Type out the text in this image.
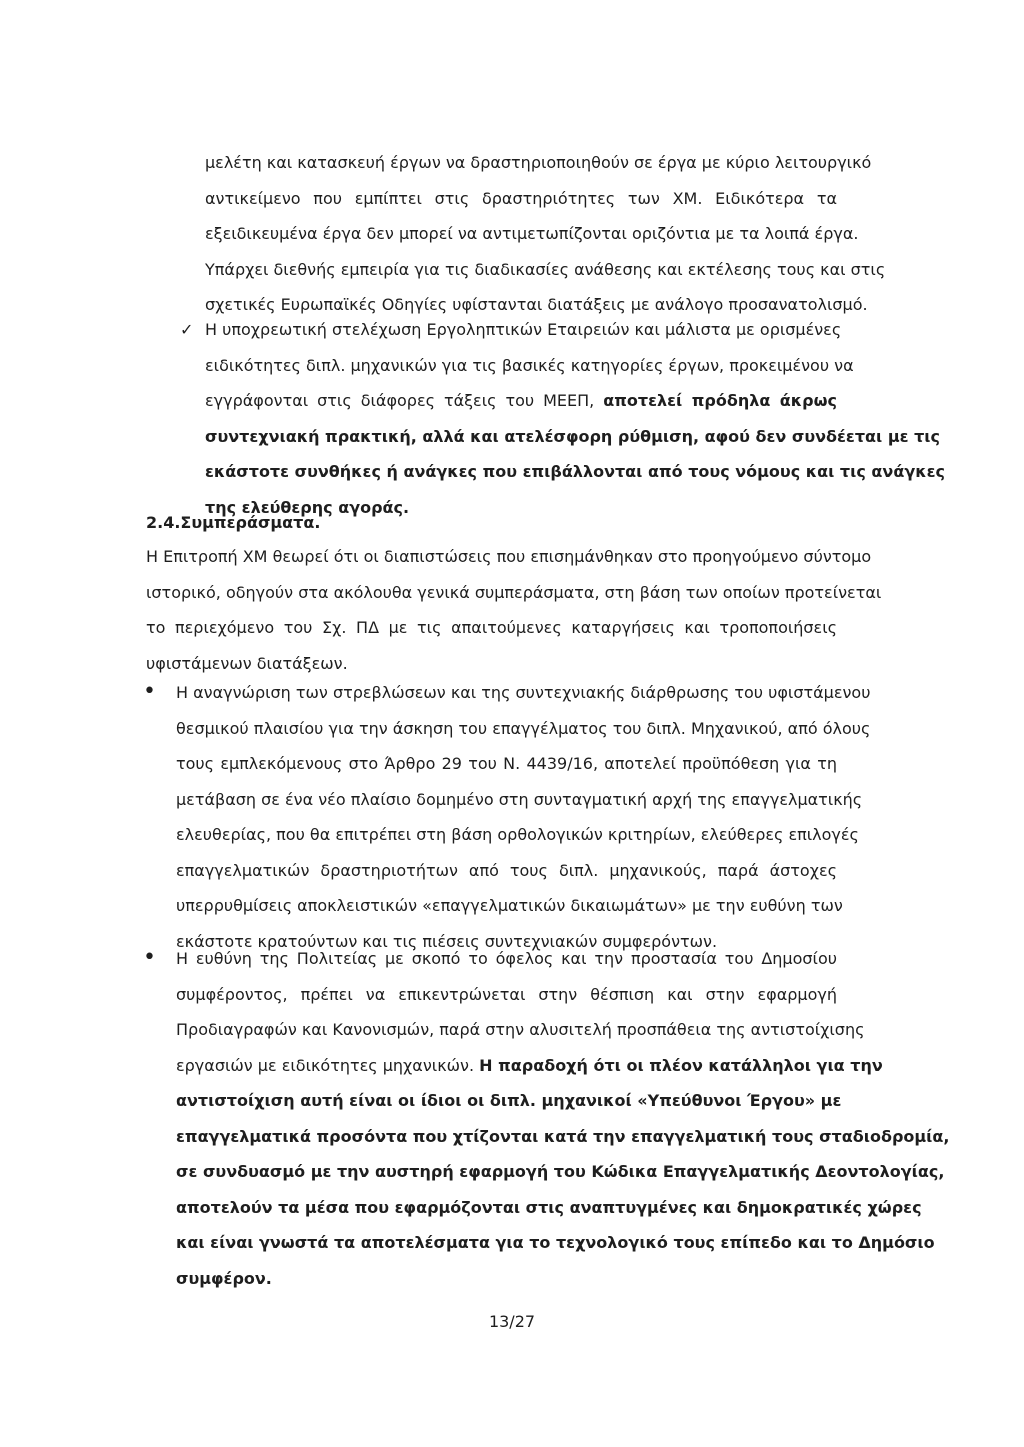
μελέτη και κατασκευή έργων να δραστηριοποιηθούν σε έργα με κύριο λειτουργικό
αντικείμενο που εμπίπτει στις δραστηριότητες των ΧΜ. Ειδικότερα τα
εξειδικευμένα έργα δεν μπορεί να αντιμετωπίζονται οριζόντια με τα λοιπά έργα.
Υπάρχει διεθνής εμπειρία για τις διαδικασίες ανάθεσης και εκτέλεσης τους και στις
σχετικές Ευρωπαϊκές Οδηγίες υφίστανται διατάξεις με ανάλογο προσανατολισμό.
✓ Η υποχρεωτική στελέχωση Εργοληπτικών Εταιρειών και μάλιστα με ορισμένες
ειδικότητες διπλ. μηχανικών για τις βασικές κατηγορίες έργων, προκειμένου να
εγγράφονται στις διάφορες τάξεις του ΜΕΕΠ, αποτελεί πρόδηλα άκρως
συντεχνιακή πρακτική, αλλά και ατελέσφορη ρύθμιση, αφού δεν συνδέεται με τις
εκάστοτε συνθήκες ή ανάγκες που επιβάλλονται από τους νόμους και τις ανάγκες
της ελεύθερης αγοράς.
2.4.Συμπεράσματα.
Η Επιτροπή ΧΜ θεωρεί ότι οι διαπιστώσεις που επισημάνθηκαν στο προηγούμενο σύντομο
ιστορικό, οδηγούν στα ακόλουθα γενικά συμπεράσματα, στη βάση των οποίων προτείνεται
το περιεχόμενο του Σχ. ΠΔ με τις απαιτούμενες καταργήσεις και τροποποιήσεις
υφιστάμενων διατάξεων.
• Η αναγνώριση των στρεβλώσεων και της συντεχνιακής διάρθρωσης του υφιστάμενου
θεσμικού πλαισίου για την άσκηση του επαγγέλματος του διπλ. Μηχανικού, από όλους
τους εμπλεκόμενους στο Άρθρο 29 του Ν. 4439/16, αποτελεί προϋπόθεση για τη
μετάβαση σε ένα νέο πλαίσιο δομημένο στη συνταγματική αρχή της επαγγελματικής
ελευθερίας, που θα επιτρέπει στη βάση ορθολογικών κριτηρίων, ελεύθερες επιλογές
επαγγελματικών δραστηριοτήτων από τους διπλ. μηχανικούς, παρά άστοχες
υπερρυθμίσεις αποκλειστικών «επαγγελματικών δικαιωμάτων» με την ευθύνη των
εκάστοτε κρατούντων και τις πιέσεις συντεχνιακών συμφερόντων.
• Η ευθύνη της Πολιτείας με σκοπό το όφελος και την προστασία του Δημοσίου
συμφέροντος, πρέπει να επικεντρώνεται στην θέσπιση και στην εφαρμογή
Προδιαγραφών και Κανονισμών, παρά στην αλυσιτελή προσπάθεια της αντιστοίχισης
εργασιών με ειδικότητες μηχανικών. Η παραδοχή ότι οι πλέον κατάλληλοι για την
αντιστοίχιση αυτή είναι οι ίδιοι οι διπλ. μηχανικοί «Υπεύθυνοι Έργου» με
επαγγελματικά προσόντα που χτίζονται κατά την επαγγελματική τους σταδιοδρομία,
σε συνδυασμό με την αυστηρή εφαρμογή του Κώδικα Επαγγελματικής Δεοντολογίας,
αποτελούν τα μέσα που εφαρμόζονται στις αναπτυγμένες και δημοκρατικές χώρες
και είναι γνωστά τα αποτελέσματα για το τεχνολογικό τους επίπεδο και το Δημόσιο
συμφέρον.
13/27
